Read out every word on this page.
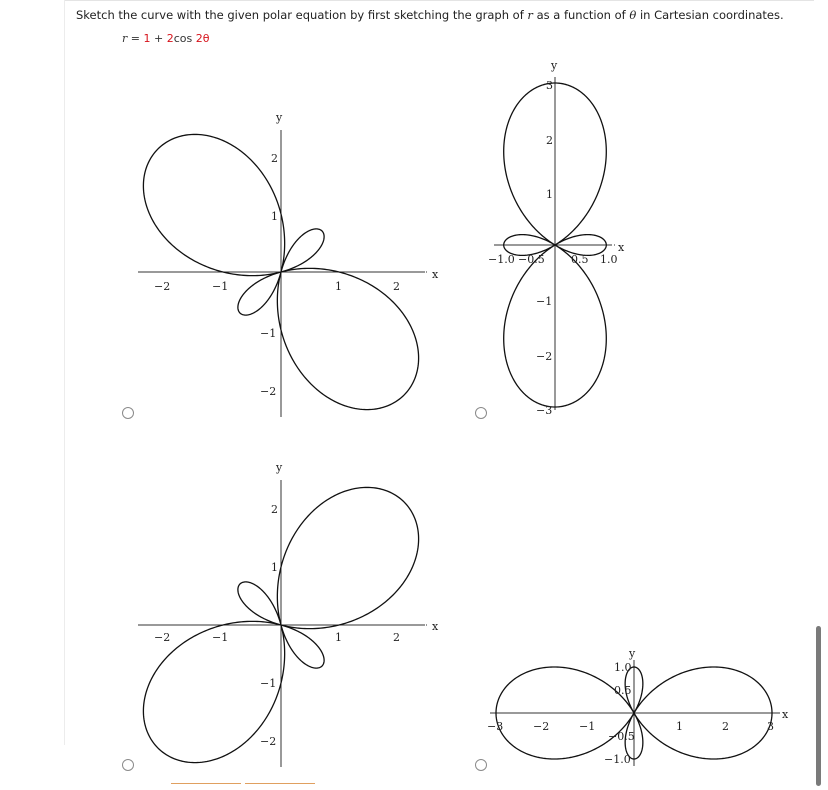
Sketch the curve with the given polar equation by first sketching the graph of r as a function of θ in Cartesian coordinates.
r = 1 + 2cos 2θ
x
y
−2	−1	1	2
2
1
−1
−2
x
y
−1.0 −0.5 0.5 1.0
3
2
1
−1
−2
−3
x
y
−2	−1	1	2
2
1
−1
−2
x
y
−3	−2	−1	1	2	3
1.0
0.5
−0.5
−1.0
